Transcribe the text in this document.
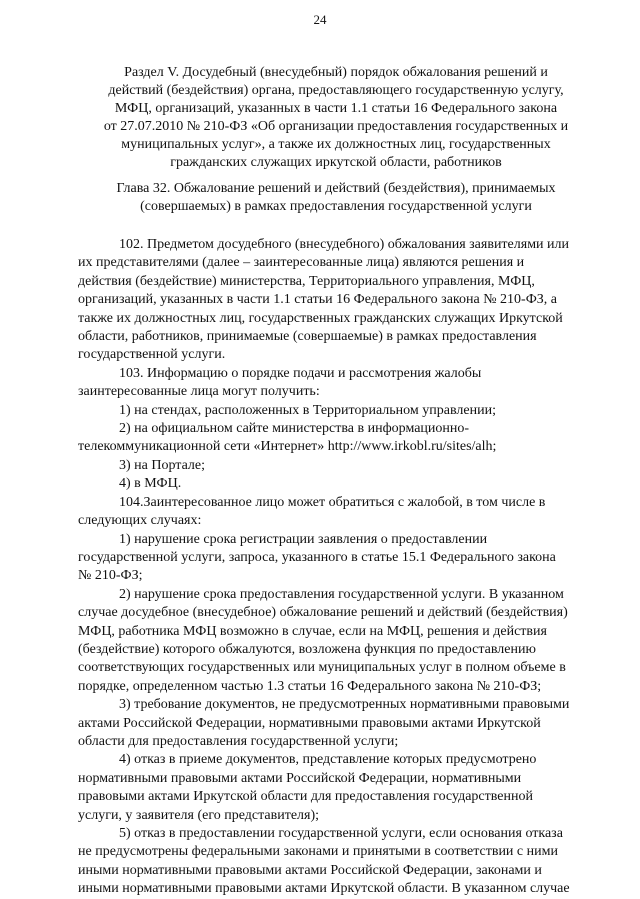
24
Раздел V. Досудебный (внесудебный) порядок обжалования решений и
действий (бездействия) органа, предоставляющего государственную услугу,
МФЦ, организаций, указанных в части 1.1 статьи 16 Федерального закона
от 27.07.2010 № 210-ФЗ «Об организации предоставления государственных и
муниципальных услуг», а также их должностных лиц, государственных
гражданских служащих иркутской области, работников
Глава 32. Обжалование решений и действий (бездействия), принимаемых
(совершаемых) в рамках предоставления государственной услуги

102. Предметом досудебного (внесудебного) обжалования заявителями или
их представителями (далее – заинтересованные лица) являются решения и
действия (бездействие) министерства, Территориального управления, МФЦ,
организаций, указанных в части 1.1 статьи 16 Федерального закона № 210-ФЗ, а
также их должностных лиц, государственных гражданских служащих Иркутской
области, работников, принимаемые (совершаемые) в рамках предоставления
государственной услуги.

103. Информацию о порядке подачи и рассмотрения жалобы
заинтересованные лица могут получить:

1) на стендах, расположенных в Территориальном управлении;

2) на официальном сайте министерства в информационно-
телекоммуникационной сети «Интернет» http://www.irkobl.ru/sites/alh;

3) на Портале;

4) в МФЦ.

104.Заинтересованное лицо может обратиться с жалобой, в том числе в
следующих случаях:

1) нарушение срока регистрации заявления о предоставлении
государственной услуги, запроса, указанного в статье 15.1 Федерального закона
№ 210-ФЗ;

2) нарушение срока предоставления государственной услуги. В указанном
случае досудебное (внесудебное) обжалование решений и действий (бездействия)
МФЦ, работника МФЦ возможно в случае, если на МФЦ, решения и действия
(бездействие) которого обжалуются, возложена функция по предоставлению
соответствующих государственных или муниципальных услуг в полном объеме в
порядке, определенном частью 1.3 статьи 16 Федерального закона № 210-ФЗ;

3) требование документов, не предусмотренных нормативными правовыми
актами Российской Федерации, нормативными правовыми актами Иркутской
области для предоставления государственной услуги;

4) отказ в приеме документов, представление которых предусмотрено
нормативными правовыми актами Российской Федерации, нормативными
правовыми актами Иркутской области для предоставления государственной
услуги, у заявителя (его представителя);

5) отказ в предоставлении государственной услуги, если основания отказа
не предусмотрены федеральными законами и принятыми в соответствии с ними
иными нормативными правовыми актами Российской Федерации, законами и
иными нормативными правовыми актами Иркутской области. В указанном случае
